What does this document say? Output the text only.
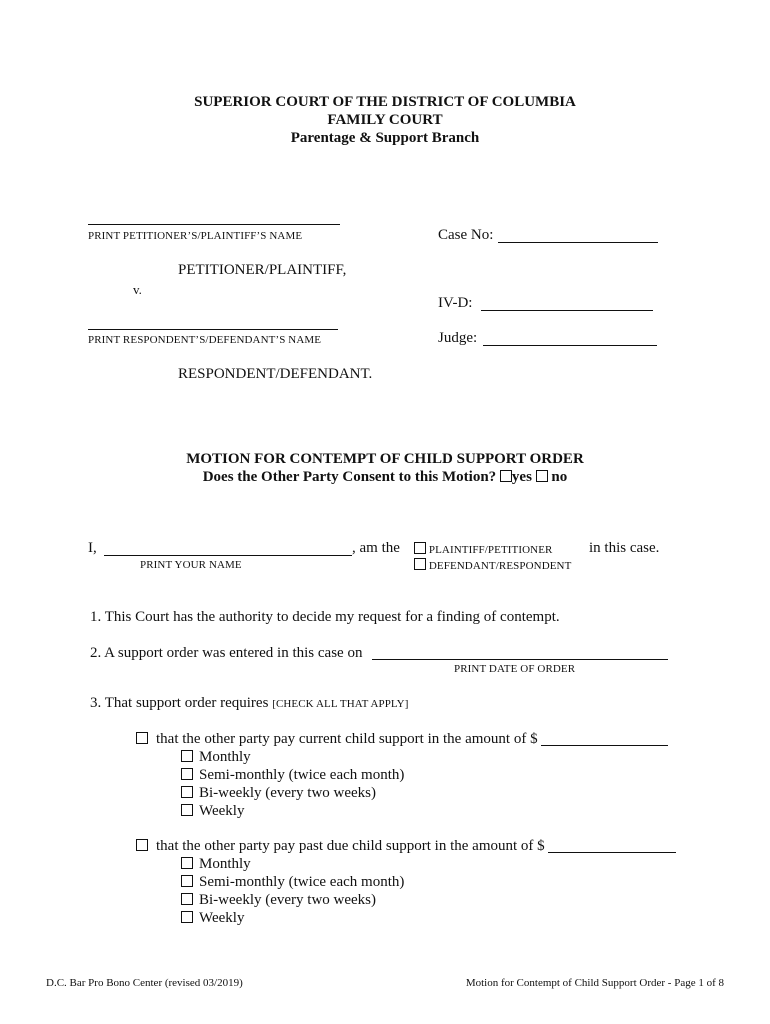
SUPERIOR COURT OF THE DISTRICT OF COLUMBIA
FAMILY COURT
Parentage & Support Branch
PRINT PETITIONER’S/PLAINTIFF’S NAME
PETITIONER/PLAINTIFF,
v.
PRINT RESPONDENT’S/DEFENDANT’S NAME
RESPONDENT/DEFENDANT.
Case No:
IV-D:
Judge:
MOTION FOR CONTEMPT OF CHILD SUPPORT ORDER
Does the Other Party Consent to this Motion? yes no
I,	, am the
PRINT YOUR NAME
PLAINTIFF/PETITIONER
DEFENDANT/RESPONDENT
in this case.
1. This Court has the authority to decide my request for a finding of contempt.
2. A support order was entered in this case on
PRINT DATE OF ORDER
3. That support order requires [CHECK ALL THAT APPLY]
that the other party pay current child support in the amount of $
Monthly
Semi-monthly (twice each month)
Bi-weekly (every two weeks)
Weekly
that the other party pay past due child support in the amount of $
Monthly
Semi-monthly (twice each month)
Bi-weekly (every two weeks)
Weekly
D.C. Bar Pro Bono Center (revised 03/2019)	Motion for Contempt of Child Support Order - Page 1 of 8
